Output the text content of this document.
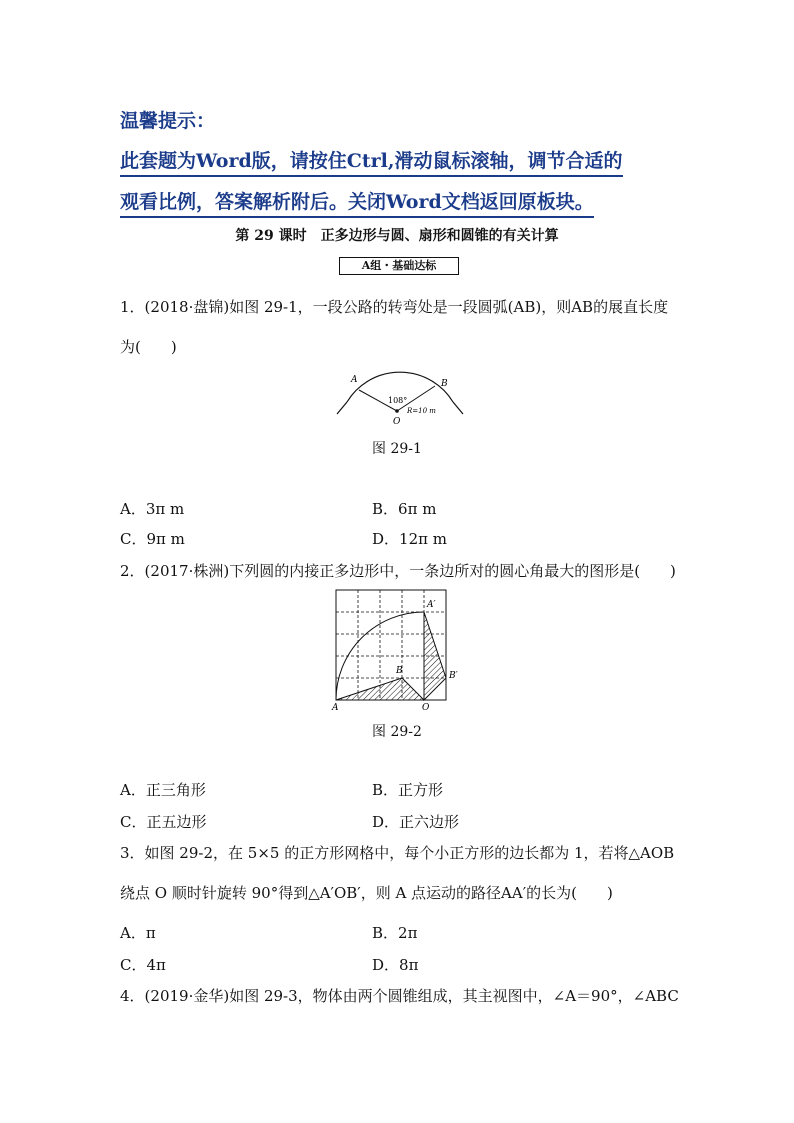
温馨提示：
此套题为Word版，请按住Ctrl,滑动鼠标滚轴，调节合适的
观看比例，答案解析附后。关闭Word文档返回原板块。
第 29 课时　正多边形与圆、扇形和圆锥的有关计算
A组・基础达标
1．(2018·盘锦)如图 29-1，一段公路的转弯处是一段圆弧(AB)，则AB的展直长度
为(　　)
A	B
108°
R=10 m
O
图 29-1
A．3π m	B．6π m
C．9π m	D．12π m
2．(2017·株洲)下列圆的内接正多边形中，一条边所对的圆心角最大的图形是(　　)
A
B
O
A′
B′
图 29-2
A．正三角形	B．正方形
C．正五边形	D．正六边形
3．如图 29-2，在 5×5 的正方形网格中，每个小正方形的边长都为 1，若将△AOB
绕点 O 顺时针旋转 90°得到△A′OB′，则 A 点运动的路径AA′的长为(　　)
A．π	B．2π
C．4π	D．8π
4．(2019·金华)如图 29-3，物体由两个圆锥组成，其主视图中，∠A＝90°，∠ABC
